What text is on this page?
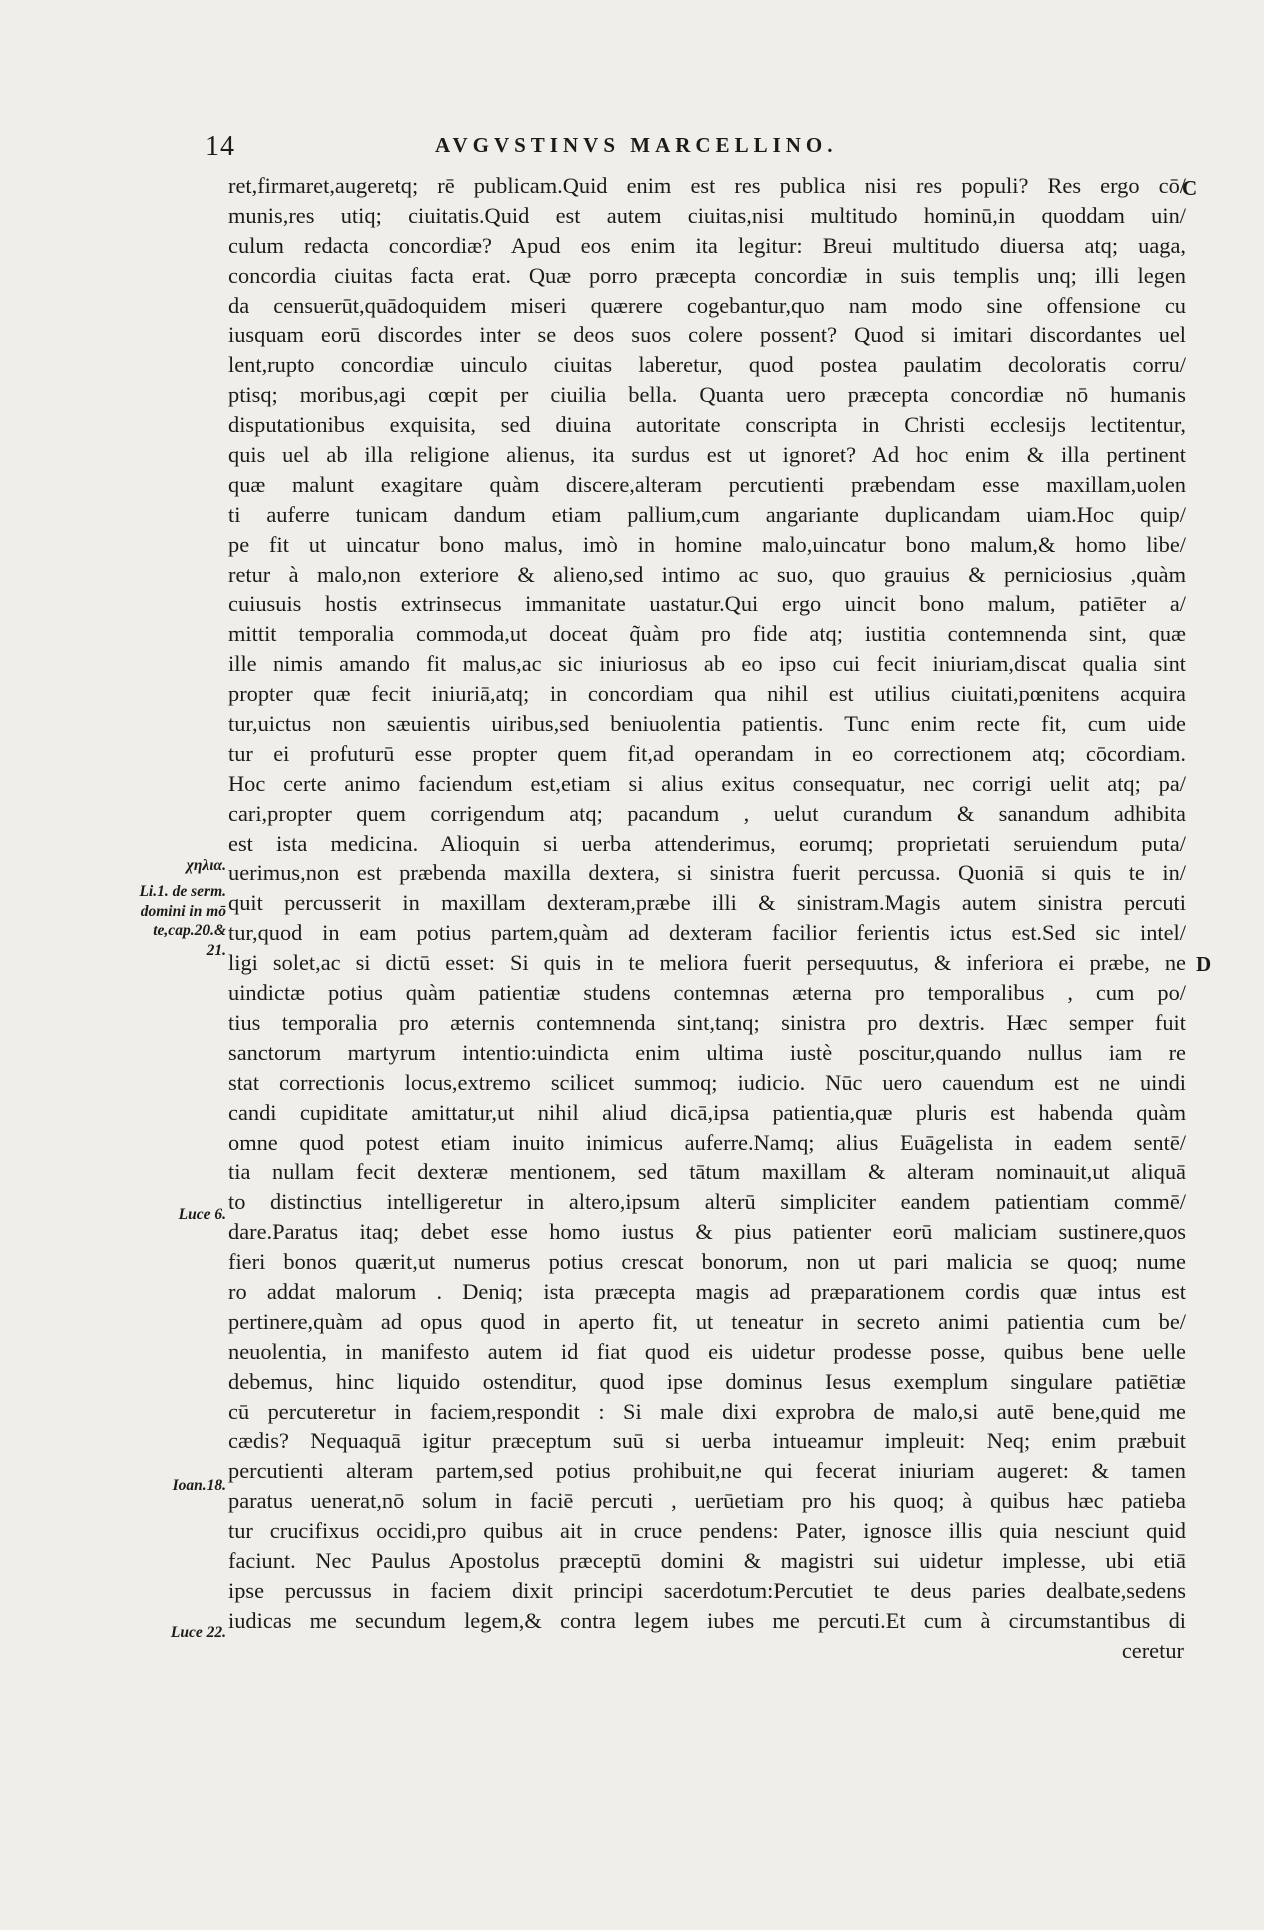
14	AVGVSTINVS MARCELLINO.
C
D
χηλια.
Li.1. de serm.
domini in mō
te,cap.20.&
21.
Luce 6.
Ioan.18.
Luce 22.
ret,firmaret,augeretq; rē publicam.Quid enim est res publica nisi res populi? Res ergo cō/
munis,res utiq; ciuitatis.Quid est autem ciuitas,nisi multitudo hominū,in quoddam uin/
culum redacta concordiæ? Apud eos enim ita legitur: Breui multitudo diuersa atq; uaga,
concordia ciuitas facta erat. Quæ porro præcepta concordiæ in suis templis unq; illi legen
da censuerūt,quādoquidem miseri quærere cogebantur,quo nam modo sine offensione cu
iusquam eorū discordes inter se deos suos colere possent? Quod si imitari discordantes uel
lent,rupto concordiæ uinculo ciuitas laberetur, quod postea paulatim decoloratis corru/
ptisq; moribus,agi cœpit per ciuilia bella. Quanta uero præcepta concordiæ nō humanis
disputationibus exquisita, sed diuina autoritate conscripta in Christi ecclesijs lectitentur,
quis uel ab illa religione alienus, ita surdus est ut ignoret? Ad hoc enim & illa pertinent
quæ malunt exagitare quàm discere,alteram percutienti præbendam esse maxillam,uolen
ti auferre tunicam dandum etiam pallium,cum angariante duplicandam uiam.Hoc quip/
pe fit ut uincatur bono malus, imò in homine malo,uincatur bono malum,& homo libe/
retur à malo,non exteriore & alieno,sed intimo ac suo, quo grauius & perniciosius ,quàm
cuiusuis hostis extrinsecus immanitate uastatur.Qui ergo uincit bono malum, patiēter a/
mittit temporalia commoda,ut doceat q̃uàm pro fide atq; iustitia contemnenda sint, quæ
ille nimis amando fit malus,ac sic iniuriosus ab eo ipso cui fecit iniuriam,discat qualia sint
propter quæ fecit iniuriā,atq; in concordiam qua nihil est utilius ciuitati,pœnitens acquira
tur,uictus non sæuientis uiribus,sed beniuolentia patientis. Tunc enim recte fit, cum uide
tur ei profuturū esse propter quem fit,ad operandam in eo correctionem atq; cōcordiam.
Hoc certe animo faciendum est,etiam si alius exitus consequatur, nec corrigi uelit atq; pa/
cari,propter quem corrigendum atq; pacandum , uelut curandum & sanandum adhibita
est ista medicina. Alioquin si uerba attenderimus, eorumq; proprietati seruiendum puta/
uerimus,non est præbenda maxilla dextera, si sinistra fuerit percussa. Quoniā si quis te in/
quit percusserit in maxillam dexteram,præbe illi & sinistram.Magis autem sinistra percuti
tur,quod in eam potius partem,quàm ad dexteram facilior ferientis ictus est.Sed sic intel/
ligi solet,ac si dictū esset: Si quis in te meliora fuerit persequutus, & inferiora ei præbe, ne
uindictæ potius quàm patientiæ studens contemnas æterna pro temporalibus , cum po/
tius temporalia pro æternis contemnenda sint,tanq; sinistra pro dextris. Hæc semper fuit
sanctorum martyrum intentio:uindicta enim ultima iustè poscitur,quando nullus iam re
stat correctionis locus,extremo scilicet summoq; iudicio. Nūc uero cauendum est ne uindi
candi cupiditate amittatur,ut nihil aliud dicā,ipsa patientia,quæ pluris est habenda quàm
omne quod potest etiam inuito inimicus auferre.Namq; alius Euāgelista in eadem sentē/
tia nullam fecit dexteræ mentionem, sed tātum maxillam & alteram nominauit,ut aliquā
to distinctius intelligeretur in altero,ipsum alterū simpliciter eandem patientiam commē/
dare.Paratus itaq; debet esse homo iustus & pius patienter eorū maliciam sustinere,quos
fieri bonos quærit,ut numerus potius crescat bonorum, non ut pari malicia se quoq; nume
ro addat malorum . Deniq; ista præcepta magis ad præparationem cordis quæ intus est
pertinere,quàm ad opus quod in aperto fit, ut teneatur in secreto animi patientia cum be/
neuolentia, in manifesto autem id fiat quod eis uidetur prodesse posse, quibus bene uelle
debemus, hinc liquido ostenditur, quod ipse dominus Iesus exemplum singulare patiētiæ
cū percuteretur in faciem,respondit : Si male dixi exprobra de malo,si autē bene,quid me
cædis? Nequaquā igitur præceptum suū si uerba intueamur impleuit: Neq; enim præbuit
percutienti alteram partem,sed potius prohibuit,ne qui fecerat iniuriam augeret: & tamen
paratus uenerat,nō solum in faciē percuti , uerūetiam pro his quoq; à quibus hæc patieba
tur crucifixus occidi,pro quibus ait in cruce pendens: Pater, ignosce illis quia nesciunt quid
faciunt. Nec Paulus Apostolus præceptū domini & magistri sui uidetur implesse, ubi etiā
ipse percussus in faciem dixit principi sacerdotum:Percutiet te deus paries dealbate,sedens
iudicas me secundum legem,& contra legem iubes me percuti.Et cum à circumstantibus di
ceretur
